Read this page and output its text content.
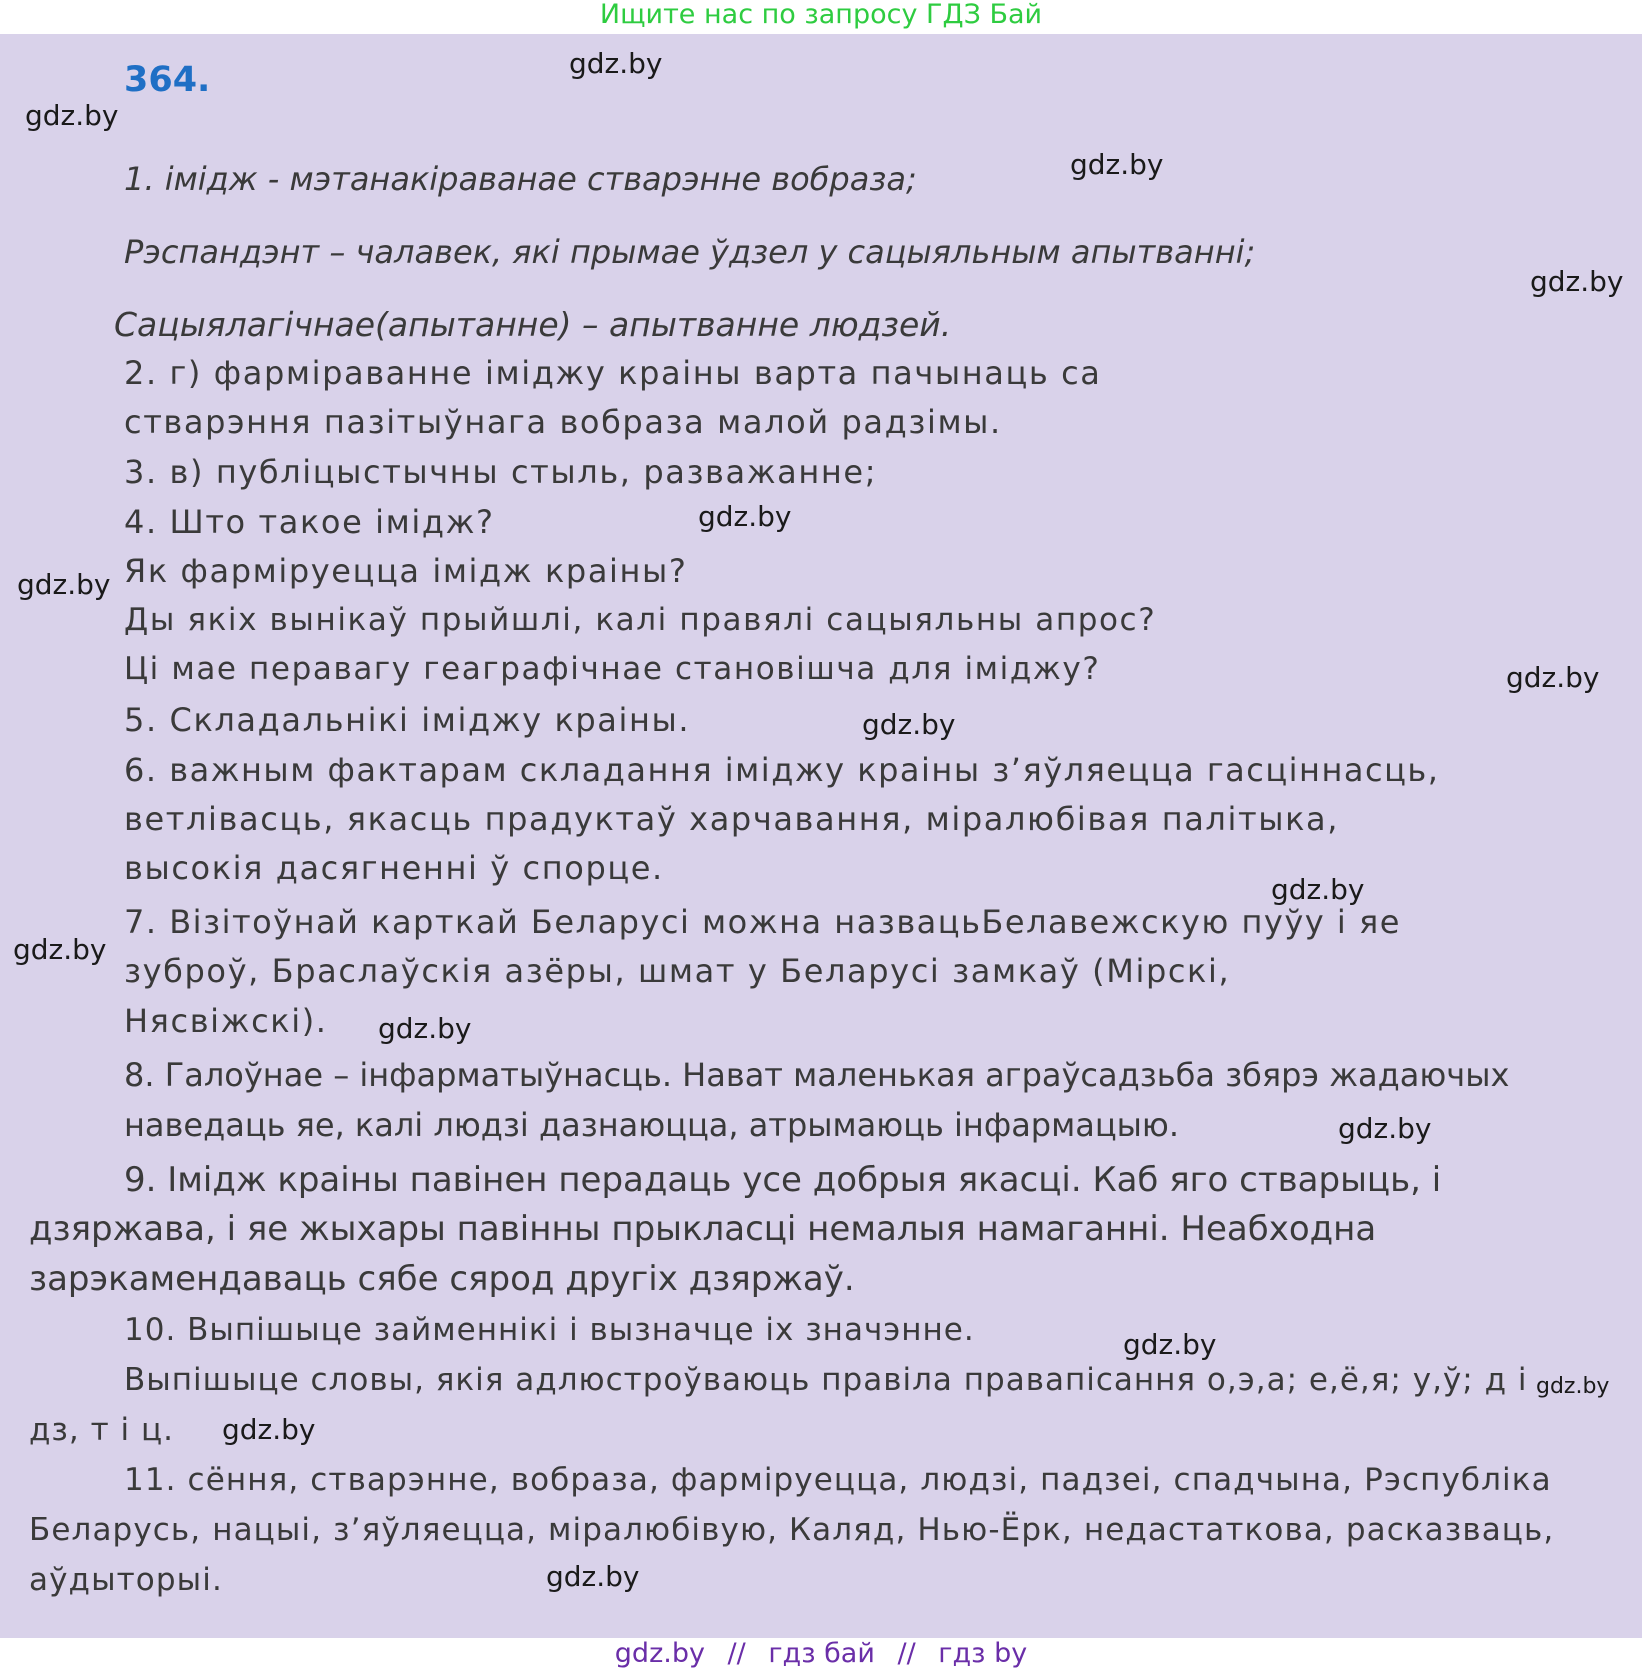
Ищите нас по запросу ГДЗ Бай
364.
1. імідж - мэтанакіраванае стварэнне вобраза;
Рэспандэнт – чалавек, які прымае ўдзел у сацыяльным апытванні;
Сацыялагічнае(апытанне) – апытванне людзей.
2. г) фарміраванне іміджу краіны варта пачынаць са
стварэння пазітыўнага вобраза малой радзімы.
3. в) публіцыстычны стыль, разважанне;
4. Што такое імідж?
Як фарміруецца імідж краіны?
Ды якіх вынікаў прыйшлі, калі правялі сацыяльны апрос?
Ці мае перавагу геаграфічнае становішча для іміджу?
5. Складальнікі іміджу краіны.
6. важным фактарам складання іміджу краіны з’яўляецца гасціннасць,
ветлівасць, якасць прадуктаў харчавання, міралюбівая палітыка,
высокія дасягненні ў спорце.
7. Візітоўнай карткай Беларусі можна назвацьБелавежскую пуўу і яе
зуброў, Браслаўскія азёры, шмат у Беларусі замкаў (Мірскі,
Нясвіжскі).
8. Галоўнае – інфарматыўнасць. Нават маленькая аграўсадзьба збярэ жадаючых
наведаць яе, калі людзі дазнаюцца, атрымаюць інфармацыю.
9. Імідж краіны павінен перадаць усе добрыя якасці. Каб яго стварыць, і
дзяржава, і яе жыхары павінны прыкласці немалыя намаганні. Неабходна
зарэкамендаваць сябе сярод другіх дзяржаў.
10. Выпішыце займеннікі і вызначце іх значэнне.
Выпішыце словы, якія адлюстроўваюць правіла правапісання о,э,а; е,ё,я; у,ў; д і
дз, т і ц.
11. сёння, стварэнне, вобраза, фарміруецца, людзі, падзеі, спадчына, Рэспубліка
Беларусь, нацыі, з’яўляецца, міралюбівую, Каляд, Нью-Ёрк, недастаткова, расказваць,
аўдыторыі.
gdz.by
gdz.by
gdz.by
gdz.by
gdz.by
gdz.by
gdz.by
gdz.by
gdz.by
gdz.by
gdz.by
gdz.by
gdz.by
gdz.by
gdz.by
gdz.by
gdz.by // гдз бай // гдз by
